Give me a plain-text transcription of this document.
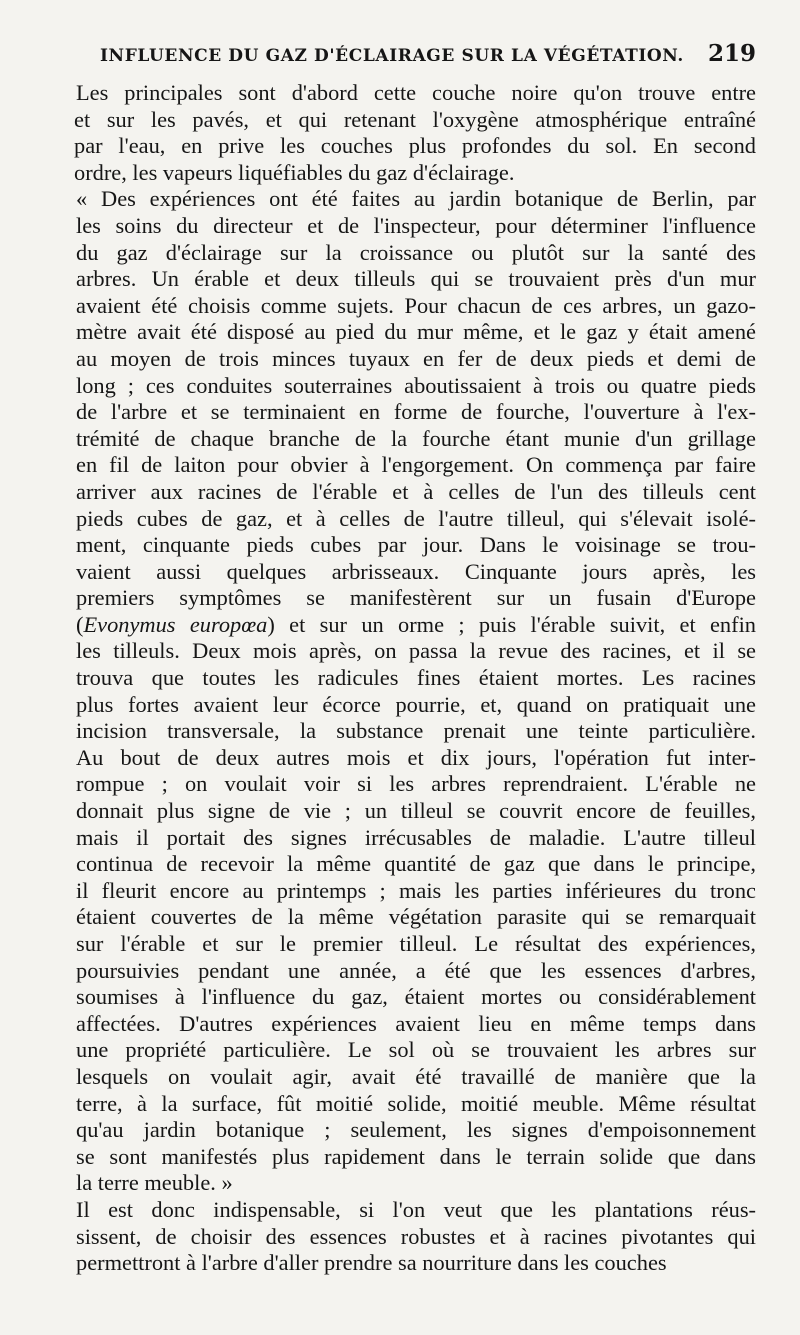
INFLUENCE DU GAZ D'ÉCLAIRAGE SUR LA VÉGÉTATION. 219

Les principales sont d'abord cette couche noire qu'on trouve entre
et sur les pavés, et qui retenant l'oxygène atmosphérique entraîné
par l'eau, en prive les couches plus profondes du sol. En second
ordre, les vapeurs liquéfiables du gaz d'éclairage.

« Des expériences ont été faites au jardin botanique de Berlin, par
les soins du directeur et de l'inspecteur, pour déterminer l'influence
du gaz d'éclairage sur la croissance ou plutôt sur la santé des
arbres. Un érable et deux tilleuls qui se trouvaient près d'un mur
avaient été choisis comme sujets. Pour chacun de ces arbres, un gazo-
mètre avait été disposé au pied du mur même, et le gaz y était amené
au moyen de trois minces tuyaux en fer de deux pieds et demi de
long ; ces conduites souterraines aboutissaient à trois ou quatre pieds
de l'arbre et se terminaient en forme de fourche, l'ouverture à l'ex-
trémité de chaque branche de la fourche étant munie d'un grillage
en fil de laiton pour obvier à l'engorgement. On commença par faire
arriver aux racines de l'érable et à celles de l'un des tilleuls cent
pieds cubes de gaz, et à celles de l'autre tilleul, qui s'élevait isolé-
ment, cinquante pieds cubes par jour. Dans le voisinage se trou-
vaient aussi quelques arbrisseaux. Cinquante jours après, les
premiers symptômes se manifestèrent sur un fusain d'Europe
(Evonymus europœa) et sur un orme ; puis l'érable suivit, et enfin
les tilleuls. Deux mois après, on passa la revue des racines, et il se
trouva que toutes les radicules fines étaient mortes. Les racines
plus fortes avaient leur écorce pourrie, et, quand on pratiquait une
incision transversale, la substance prenait une teinte particulière.
Au bout de deux autres mois et dix jours, l'opération fut inter-
rompue ; on voulait voir si les arbres reprendraient. L'érable ne
donnait plus signe de vie ; un tilleul se couvrit encore de feuilles,
mais il portait des signes irrécusables de maladie. L'autre tilleul
continua de recevoir la même quantité de gaz que dans le principe,
il fleurit encore au printemps ; mais les parties inférieures du tronc
étaient couvertes de la même végétation parasite qui se remarquait
sur l'érable et sur le premier tilleul. Le résultat des expériences,
poursuivies pendant une année, a été que les essences d'arbres,
soumises à l'influence du gaz, étaient mortes ou considérablement
affectées. D'autres expériences avaient lieu en même temps dans
une propriété particulière. Le sol où se trouvaient les arbres sur
lesquels on voulait agir, avait été travaillé de manière que la
terre, à la surface, fût moitié solide, moitié meuble. Même résultat
qu'au jardin botanique ; seulement, les signes d'empoisonnement
se sont manifestés plus rapidement dans le terrain solide que dans
la terre meuble. »

Il est donc indispensable, si l'on veut que les plantations réus-
sissent, de choisir des essences robustes et à racines pivotantes qui
permettront à l'arbre d'aller prendre sa nourriture dans les couches
